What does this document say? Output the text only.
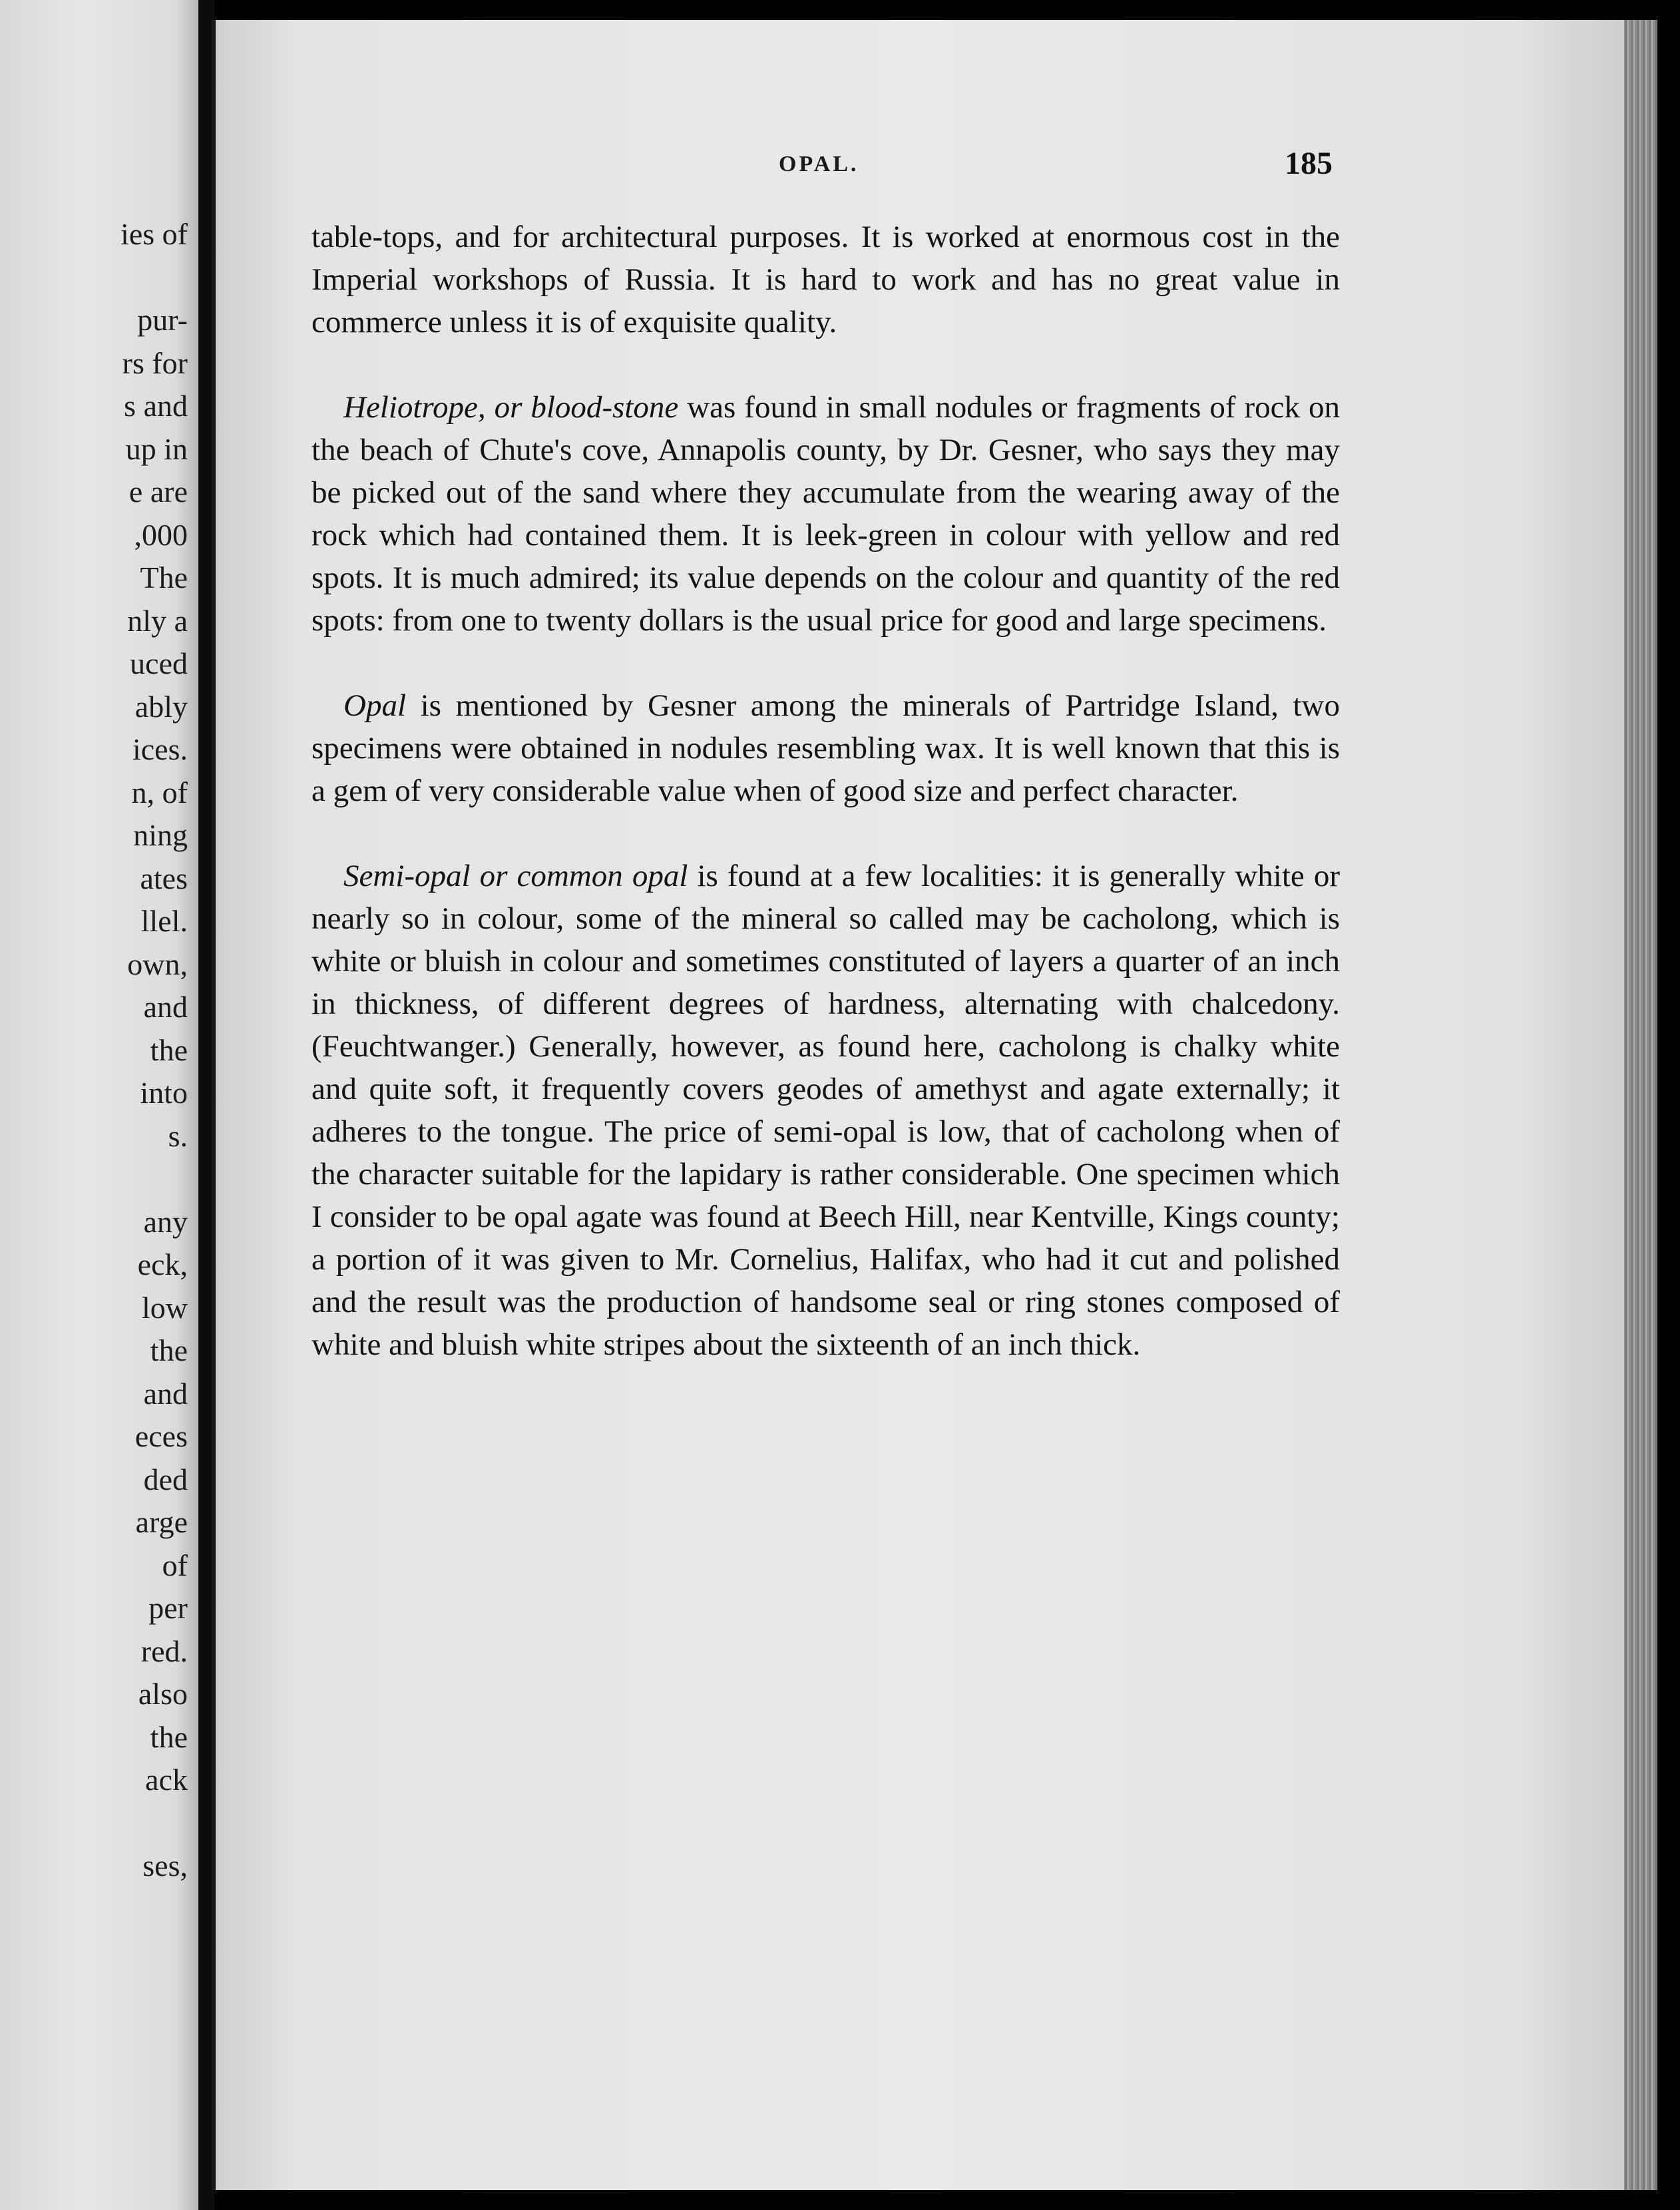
ies of

pur-
rs for
s and
up in
e are
,000
The
nly a
uced
ably
ices.
n, of
ning
ates
llel.
own,
and
the
into
s.

any
eck,
low
the
and
eces
ded
arge
of
per
red.
also
the
ack

ses,
OPAL.	185

table-tops, and for architectural purposes. It is worked at enormous cost in the Imperial workshops of Russia. It is hard to work and has no great value in commerce unless it is of exquisite quality.

Heliotrope, or blood-stone was found in small nodules or fragments of rock on the beach of Chute's cove, Annapolis county, by Dr. Gesner, who says they may be picked out of the sand where they accumulate from the wearing away of the rock which had contained them. It is leek-green in colour with yellow and red spots. It is much admired; its value depends on the colour and quantity of the red spots: from one to twenty dollars is the usual price for good and large specimens.

Opal is mentioned by Gesner among the minerals of Partridge Island, two specimens were obtained in nodules resembling wax. It is well known that this is a gem of very considerable value when of good size and perfect character.

Semi-opal or common opal is found at a few localities: it is generally white or nearly so in colour, some of the mineral so called may be cacholong, which is white or bluish in colour and sometimes constituted of layers a quarter of an inch in thickness, of different degrees of hardness, alternating with chalcedony. (Feuchtwanger.) Generally, however, as found here, cacholong is chalky white and quite soft, it frequently covers geodes of amethyst and agate externally; it adheres to the tongue. The price of semi-opal is low, that of cacholong when of the character suitable for the lapidary is rather considerable. One specimen which I consider to be opal agate was found at Beech Hill, near Kentville, Kings county; a portion of it was given to Mr. Cornelius, Halifax, who had it cut and polished and the result was the production of handsome seal or ring stones composed of white and bluish white stripes about the sixteenth of an inch thick.
